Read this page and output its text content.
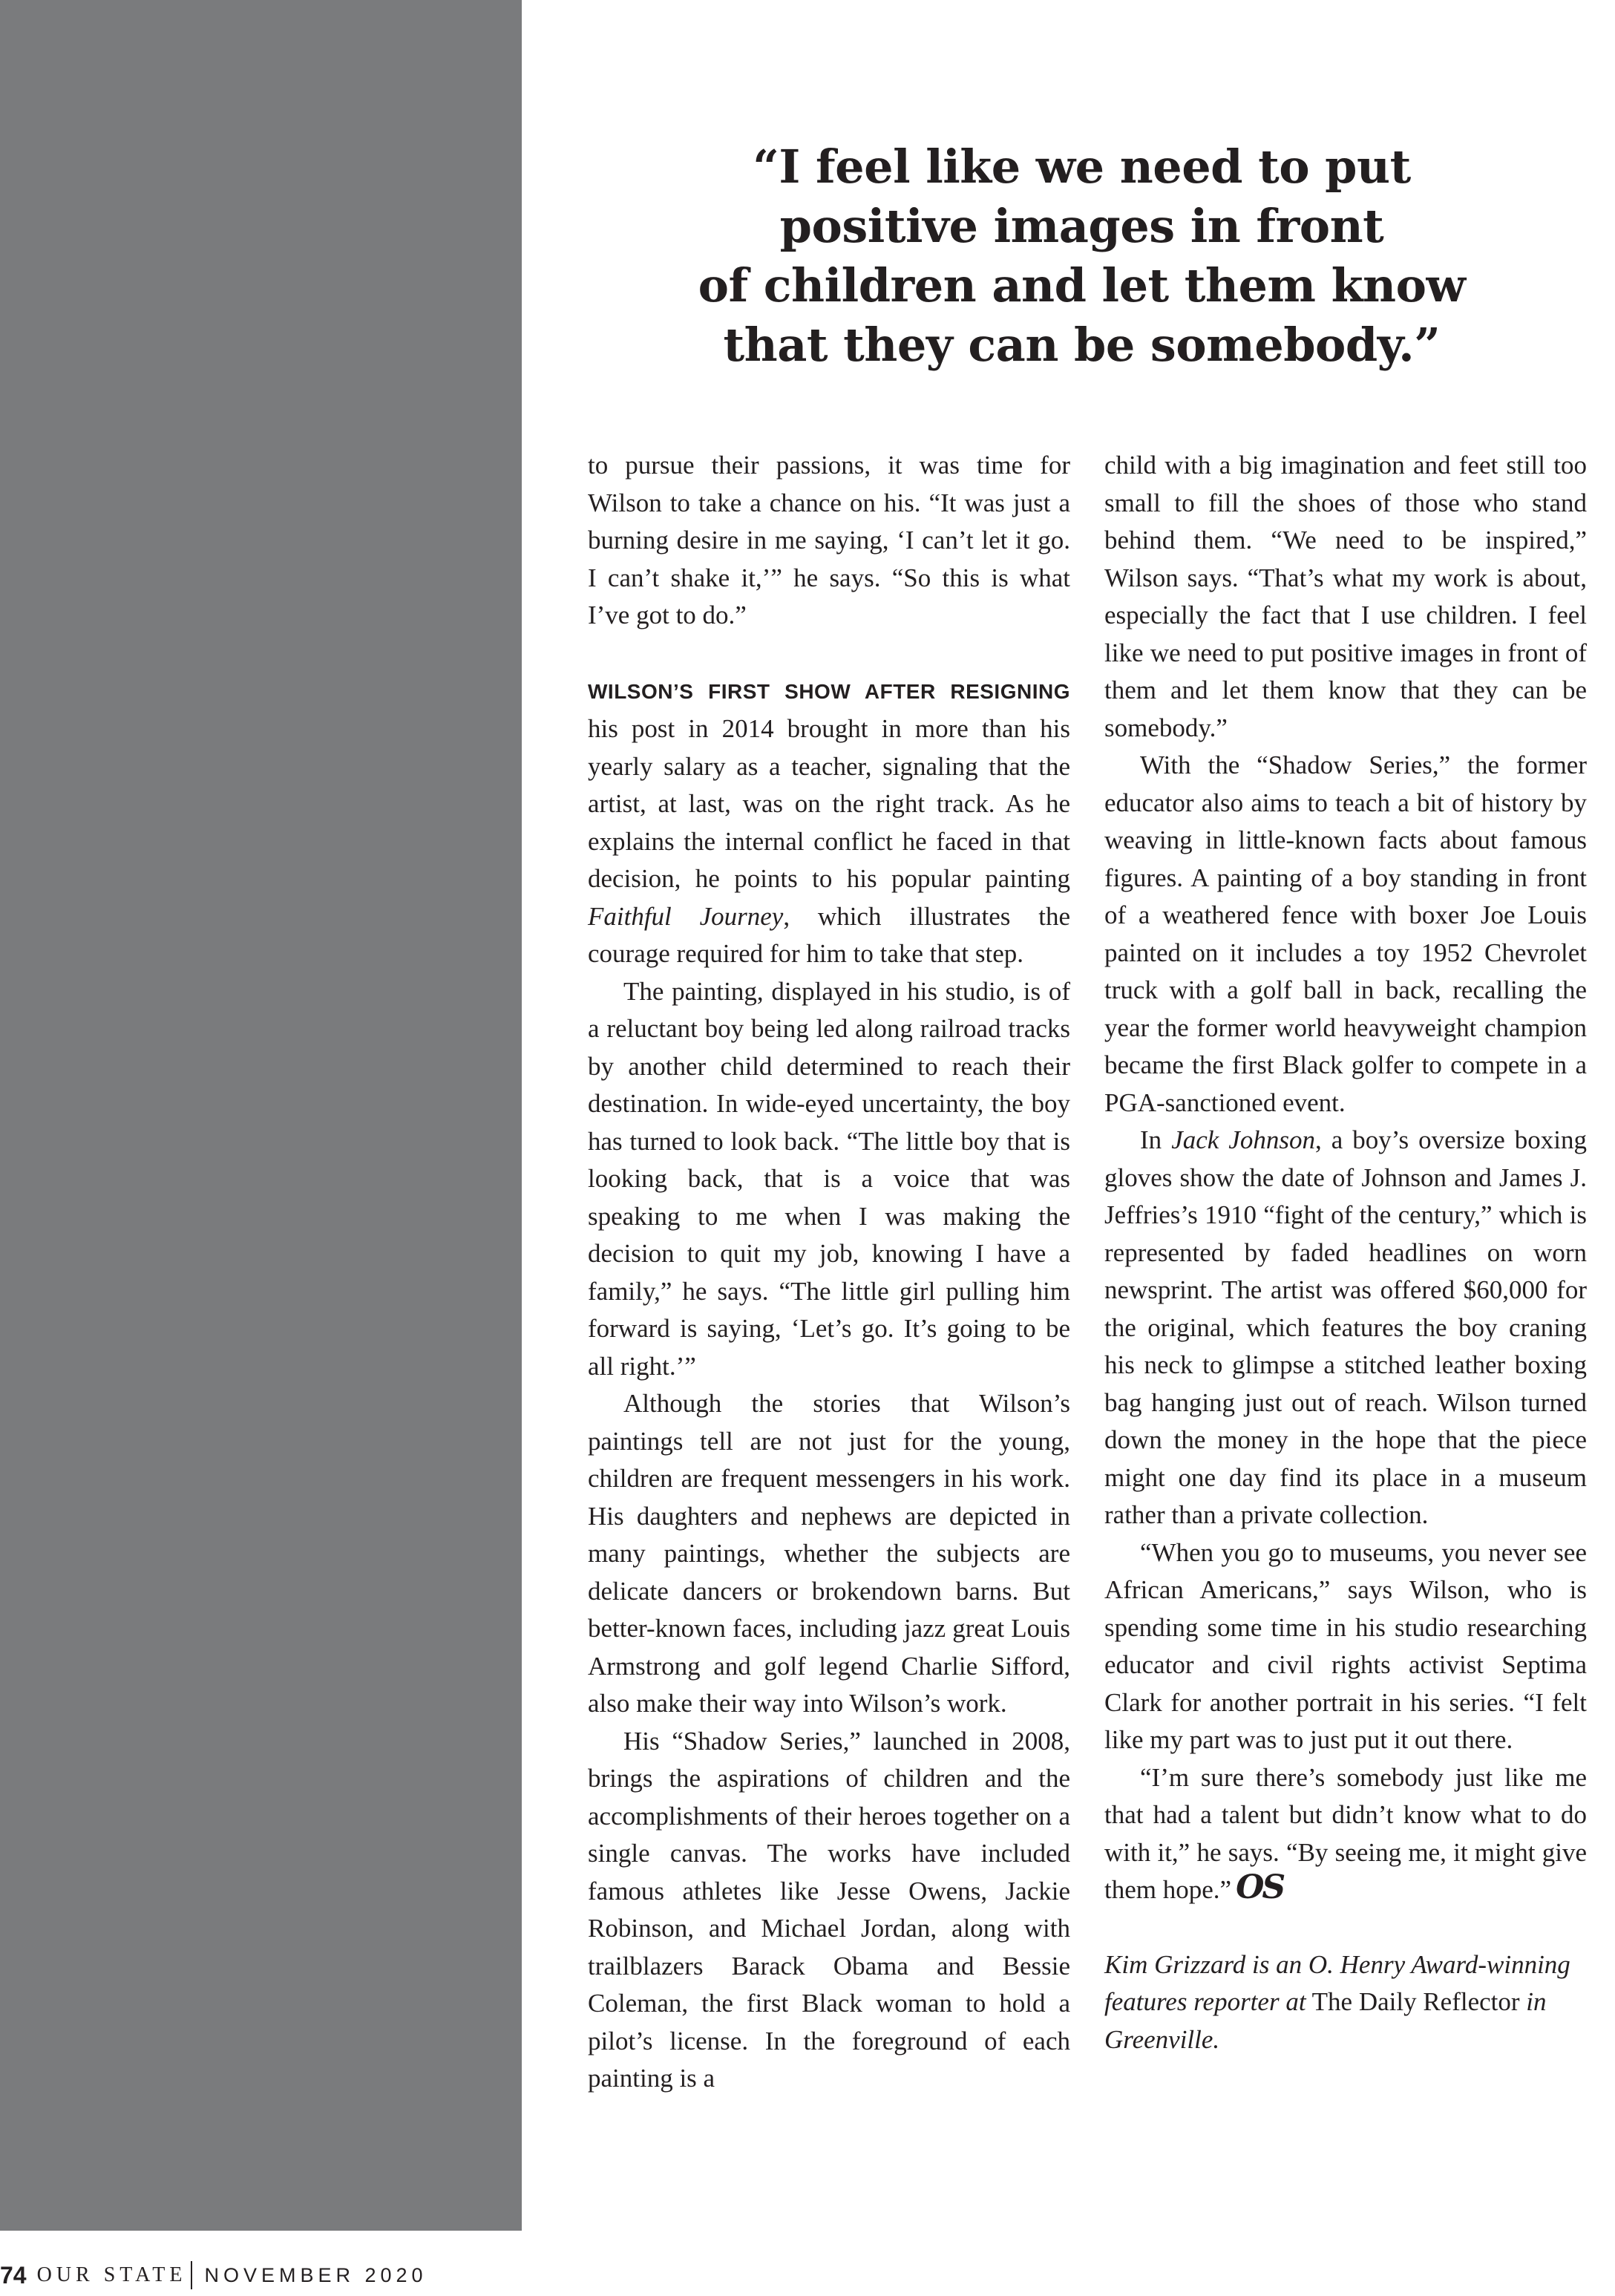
“I feel like we need to put
positive images in front
of children and let them know
that they can be somebody.”

to pursue their passions, it was time for Wilson to take a chance on his. “It was just a burning desire in me saying, ‘I can’t let it go. I can’t shake it,’” he says. “So this is what I’ve got to do.”

WILSON’S FIRST SHOW AFTER RESIGNING his post in 2014 brought in more than his yearly salary as a teacher, signaling that the artist, at last, was on the right track. As he explains the internal conflict he faced in that decision, he points to his popular painting Faithful Journey, which illustrates the courage required for him to take that step.

The painting, displayed in his studio, is of a reluctant boy being led along railroad tracks by another child determined to reach their destination. In wide-eyed uncertainty, the boy has turned to look back. “The little boy that is looking back, that is a voice that was speaking to me when I was making the decision to quit my job, knowing I have a family,” he says. “The little girl pulling him forward is saying, ‘Let’s go. It’s going to be all right.’”

Although the stories that Wilson’s paintings tell are not just for the young, children are frequent messengers in his work. His daughters and nephews are depicted in many paintings, whether the subjects are delicate dancers or brokendown barns. But better-known faces, including jazz great Louis Armstrong and golf legend Charlie Sifford, also make their way into Wilson’s work.

His “Shadow Series,” launched in 2008, brings the aspirations of children and the accomplishments of their heroes together on a single canvas. The works have included famous athletes like Jesse Owens, Jackie Robinson, and Michael Jordan, along with trailblazers Barack Obama and Bessie Coleman, the first Black woman to hold a pilot’s license. In the foreground of each painting is a

child with a big imagination and feet still too small to fill the shoes of those who stand behind them. “We need to be inspired,” Wilson says. “That’s what my work is about, especially the fact that I use children. I feel like we need to put positive images in front of them and let them know that they can be somebody.”

With the “Shadow Series,” the former educator also aims to teach a bit of history by weaving in little-known facts about famous figures. A painting of a boy standing in front of a weathered fence with boxer Joe Louis painted on it includes a toy 1952 Chevrolet truck with a golf ball in back, recalling the year the former world heavyweight champion became the first Black golfer to compete in a PGA-sanctioned event.

In Jack Johnson, a boy’s oversize boxing gloves show the date of Johnson and James J. Jeffries’s 1910 “fight of the century,” which is represented by faded headlines on worn newsprint. The artist was offered $60,000 for the original, which features the boy craning his neck to glimpse a stitched leather boxing bag hanging just out of reach. Wilson turned down the money in the hope that the piece might one day find its place in a museum rather than a private collection.

“When you go to museums, you never see African Americans,” says Wilson, who is spending some time in his studio researching educator and civil rights activist Septima Clark for another portrait in his series. “I felt like my part was to just put it out there.

“I’m sure there’s somebody just like me that had a talent but didn’t know what to do with it,” he says. “By seeing me, it might give them hope.” OS

Kim Grizzard is an O. Henry Award-winning features reporter at The Daily Reflector in Greenville.

74 OUR STATE NOVEMBER 2020
